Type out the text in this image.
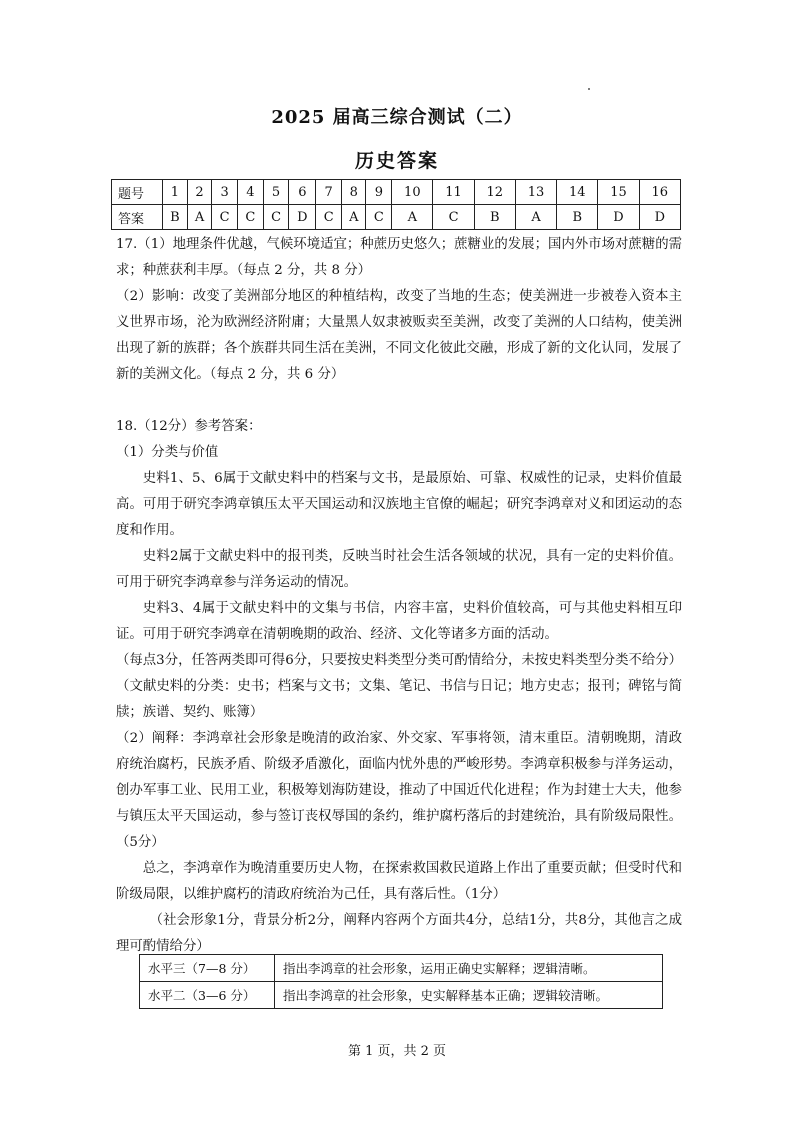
2025 届高三综合测试（二）
历史答案
题号	1	2	3	4	5	6	7	8	9	10	11	12	13	14	15	16
答案	B	A	C	C	C	D	C	A	C	A	C	B	A	B	D	D

17.（1）地理条件优越，气候环境适宜；种蔗历史悠久；蔗糖业的发展；国内外市场对蔗糖的需求；种蔗获利丰厚。（每点 2 分，共 8 分）

（2）影响：改变了美洲部分地区的种植结构，改变了当地的生态；使美洲进一步被卷入资本主义世界市场，沦为欧洲经济附庸；大量黑人奴隶被贩卖至美洲，改变了美洲的人口结构，使美洲出现了新的族群；各个族群共同生活在美洲，不同文化彼此交融，形成了新的文化认同，发展了新的美洲文化。（每点 2 分，共 6 分）

18.（12分）参考答案：

（1）分类与价值

史料1、5、6属于文献史料中的档案与文书，是最原始、可靠、权威性的记录，史料价值最高。可用于研究李鸿章镇压太平天国运动和汉族地主官僚的崛起；研究李鸿章对义和团运动的态度和作用。

史料2属于文献史料中的报刊类，反映当时社会生活各领域的状况，具有一定的史料价值。可用于研究李鸿章参与洋务运动的情况。

史料3、4属于文献史料中的文集与书信，内容丰富，史料价值较高，可与其他史料相互印证。可用于研究李鸿章在清朝晚期的政治、经济、文化等诸多方面的活动。

（每点3分，任答两类即可得6分，只要按史料类型分类可酌情给分，未按史料类型分类不给分）

（文献史料的分类：史书；档案与文书；文集、笔记、书信与日记；地方史志；报刊；碑铭与简牍；族谱、契约、账簿）

（2）阐释：李鸿章社会形象是晚清的政治家、外交家、军事将领，清末重臣。清朝晚期，清政府统治腐朽，民族矛盾、阶级矛盾激化，面临内忧外患的严峻形势。李鸿章积极参与洋务运动，创办军事工业、民用工业，积极筹划海防建设，推动了中国近代化进程；作为封建士大夫，他参与镇压太平天国运动，参与签订丧权辱国的条约，维护腐朽落后的封建统治，具有阶级局限性。（5分）

总之，李鸿章作为晚清重要历史人物，在探索救国救民道路上作出了重要贡献；但受时代和阶级局限，以维护腐朽的清政府统治为己任，具有落后性。（1分）

（社会形象1分，背景分析2分，阐释内容两个方面共4分，总结1分，共8分，其他言之成理可酌情给分）

水平三（7—8 分）	指出李鸿章的社会形象，运用正确史实解释；逻辑清晰。
水平二（3—6 分）	指出李鸿章的社会形象，史实解释基本正确；逻辑较清晰。
第 1 页，共 2 页
